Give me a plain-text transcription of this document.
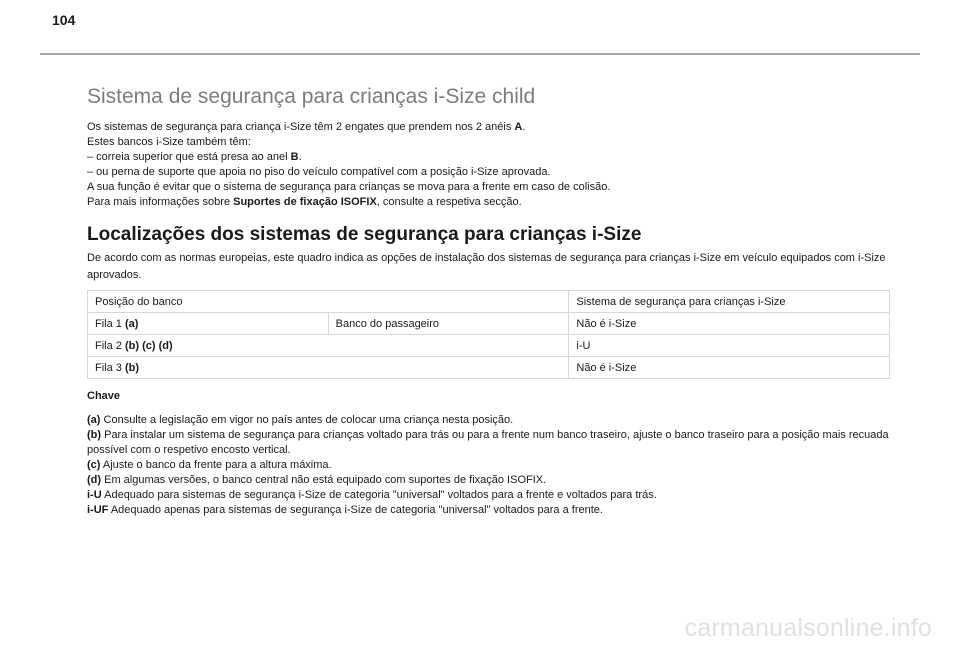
104
Sistema de segurança para crianças i-Size child

Os sistemas de segurança para criança i-Size têm 2 engates que prendem nos 2 anéis A.

Estes bancos i-Size também têm:

– correia superior que está presa ao anel B.

– ou perna de suporte que apoia no piso do veículo compatível com a posição i-Size aprovada.

A sua função é evitar que o sistema de segurança para crianças se mova para a frente em caso de colisão.

Para mais informações sobre Suportes de fixação ISOFIX, consulte a respetiva secção.

Localizações dos sistemas de segurança para crianças i-Size

De acordo com as normas europeias, este quadro indica as opções de instalação dos sistemas de segurança para crianças i-Size em veículo equipados com i-Size aprovados.

Posição do banco		Sistema de segurança para crianças i-Size
Fila 1 (a)	Banco do passageiro	Não é i-Size
Fila 2 (b) (c) (d)		i-U
Fila 3 (b)		Não é i-Size
Chave

(a) Consulte a legislação em vigor no país antes de colocar uma criança nesta posição.

(b) Para instalar um sistema de segurança para crianças voltado para trás ou para a frente num banco traseiro, ajuste o banco traseiro para a posição mais recuada possível com o respetivo encosto vertical.

(c) Ajuste o banco da frente para a altura máxima.

(d) Em algumas versões, o banco central não está equipado com suportes de fixação ISOFIX.

i-U Adequado para sistemas de segurança i-Size de categoria "universal" voltados para a frente e voltados para trás.

i-UF Adequado apenas para sistemas de segurança i-Size de categoria "universal" voltados para a frente.

carmanualsonline.info
